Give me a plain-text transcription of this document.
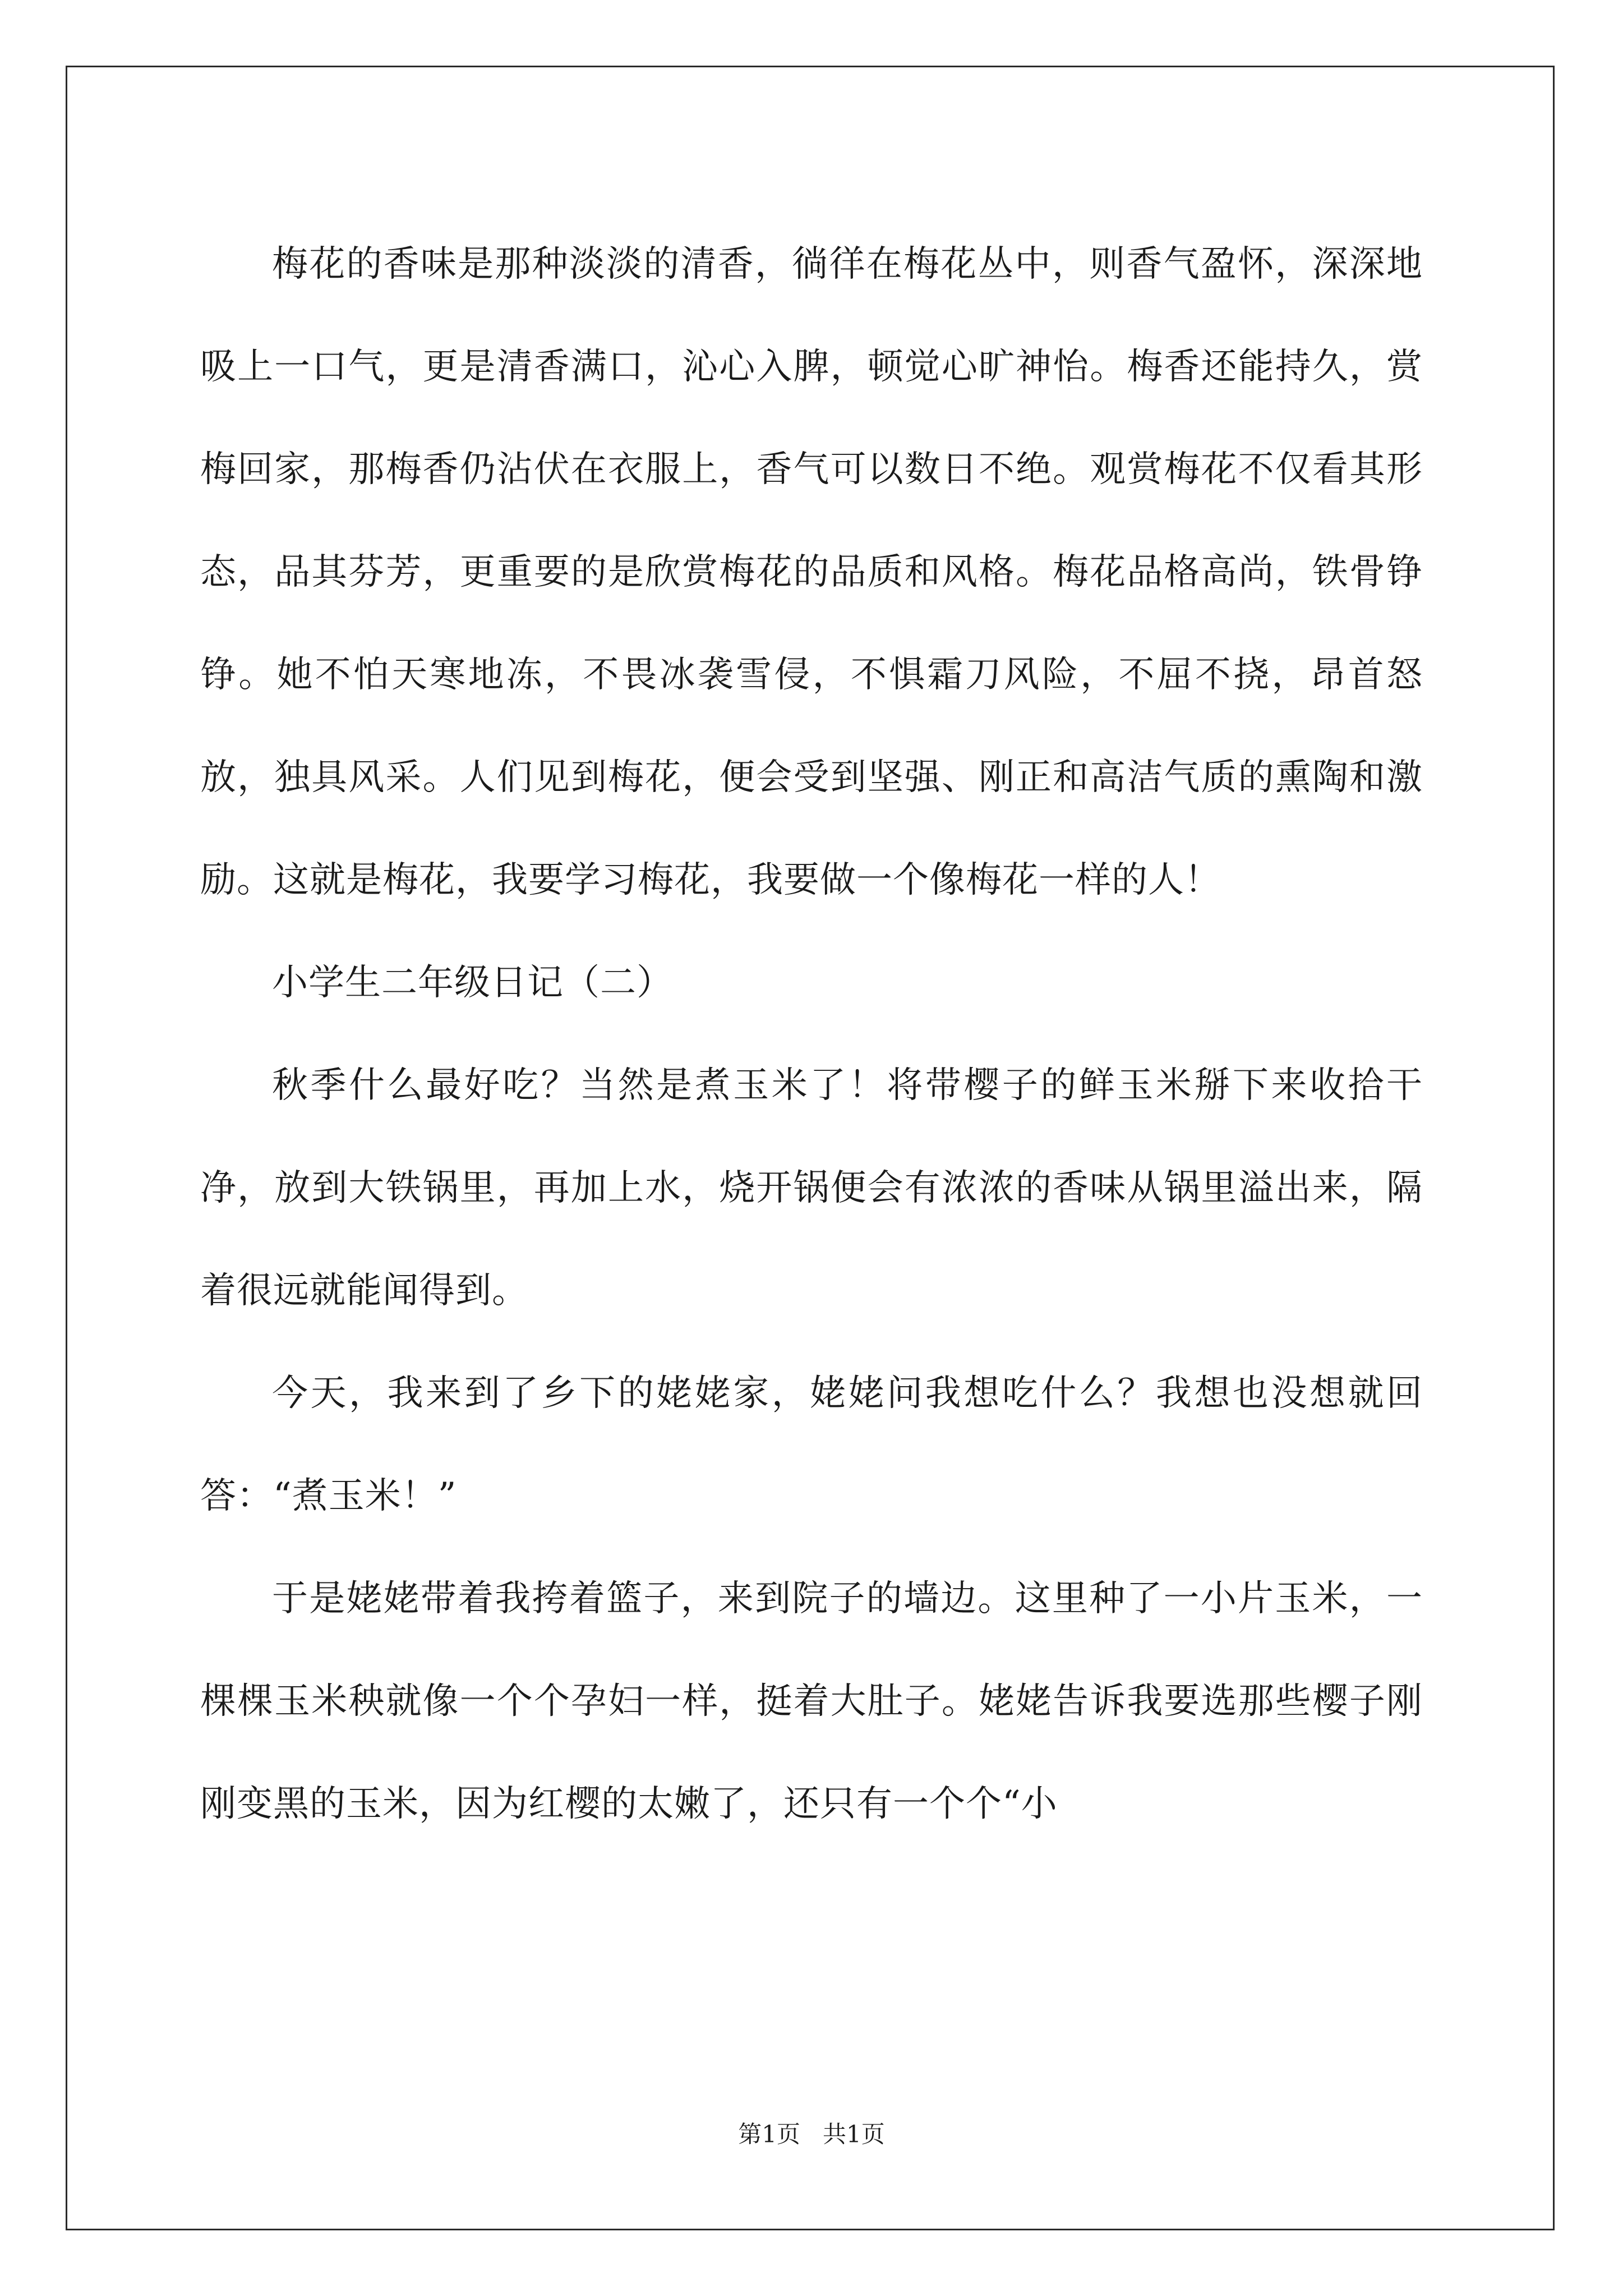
梅花的香味是那种淡淡的清香，徜徉在梅花丛中，则香气盈怀，深深地吸上一口气，更是清香满口，沁心入脾，顿觉心旷神怡。梅香还能持久，赏梅回家，那梅香仍沾伏在衣服上，香气可以数日不绝。观赏梅花不仅看其形态，品其芬芳，更重要的是欣赏梅花的品质和风格。梅花品格高尚，铁骨铮铮。她不怕天寒地冻，不畏冰袭雪侵，不惧霜刀风险，不屈不挠，昂首怒放，独具风采。人们见到梅花，便会受到坚强、刚正和高洁气质的熏陶和激励。这就是梅花，我要学习梅花，我要做一个像梅花一样的人！

小学生二年级日记（二）

秋季什么最好吃？当然是煮玉米了！将带樱子的鲜玉米掰下来收拾干净，放到大铁锅里，再加上水，烧开锅便会有浓浓的香味从锅里溢出来，隔着很远就能闻得到。

今天，我来到了乡下的姥姥家，姥姥问我想吃什么？我想也没想就回答：“煮玉米！”

于是姥姥带着我挎着篮子，来到院子的墙边。这里种了一小片玉米，一棵棵玉米秧就像一个个孕妇一样，挺着大肚子。姥姥告诉我要选那些樱子刚刚变黑的玉米，因为红樱的太嫩了，还只有一个个“小

第1页 共1页
